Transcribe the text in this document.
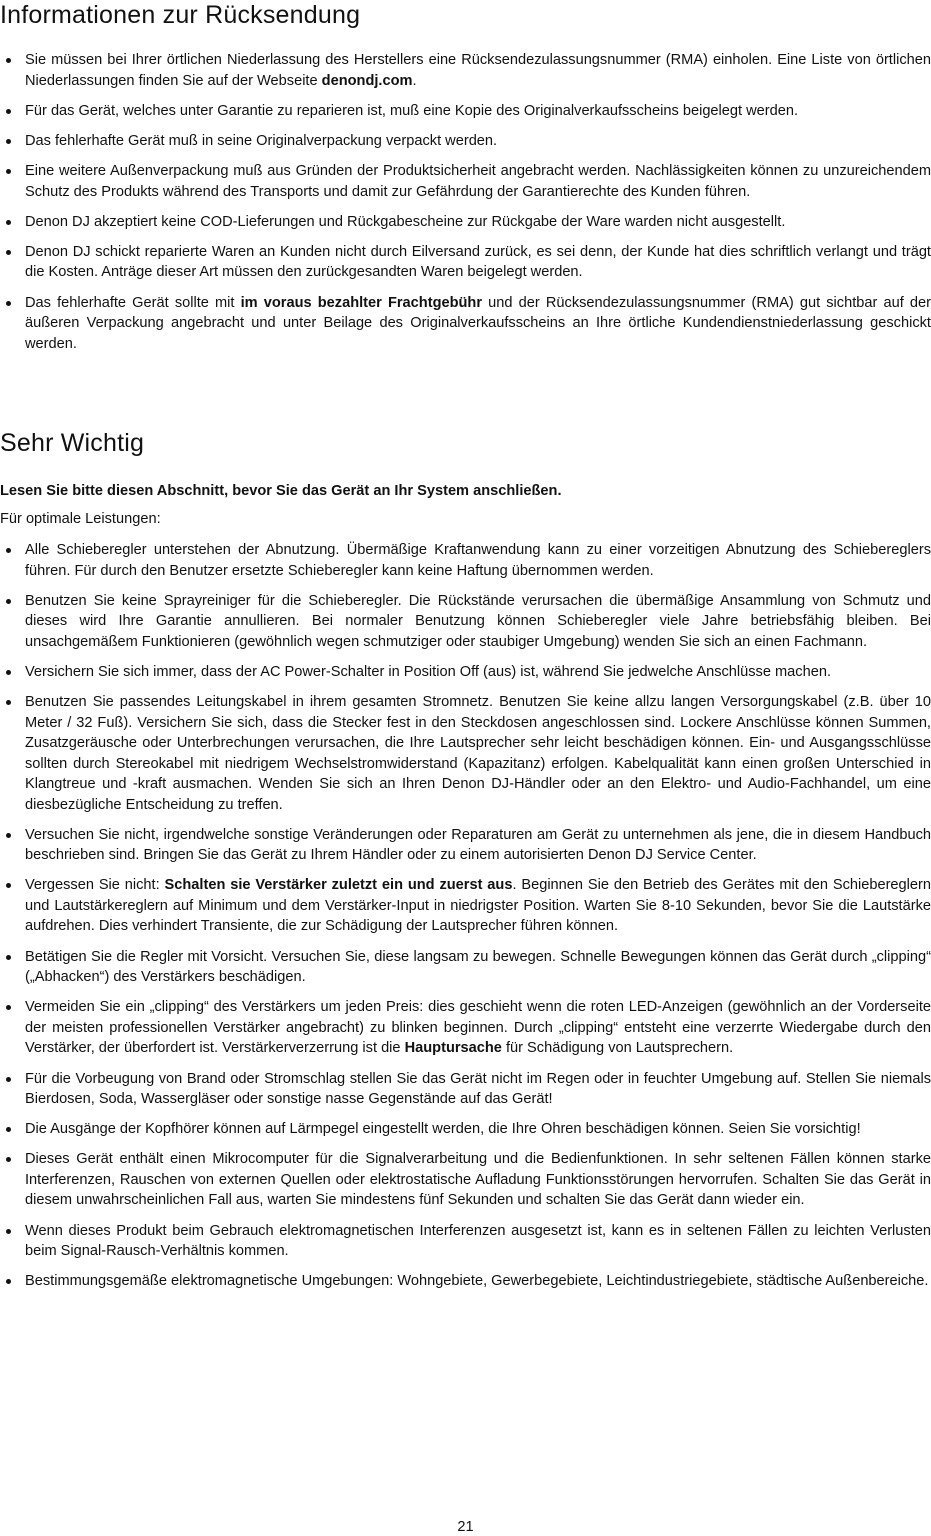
Informationen zur Rücksendung
Sie müssen bei Ihrer örtlichen Niederlassung des Herstellers eine Rücksendezulassungsnummer (RMA) einholen. Eine Liste von örtlichen Niederlassungen finden Sie auf der Webseite denondj.com.
Für das Gerät, welches unter Garantie zu reparieren ist, muß eine Kopie des Originalverkaufsscheins beigelegt werden.
Das fehlerhafte Gerät muß in seine Originalverpackung verpackt werden.
Eine weitere Außenverpackung muß aus Gründen der Produktsicherheit angebracht werden. Nachlässigkeiten können zu unzureichendem Schutz des Produkts während des Transports und damit zur Gefährdung der Garantierechte des Kunden führen.
Denon DJ akzeptiert keine COD-Lieferungen und Rückgabescheine zur Rückgabe der Ware warden nicht ausgestellt.
Denon DJ schickt reparierte Waren an Kunden nicht durch Eilversand zurück, es sei denn, der Kunde hat dies schriftlich verlangt und trägt die Kosten. Anträge dieser Art müssen den zurückgesandten Waren beigelegt werden.
Das fehlerhafte Gerät sollte mit im voraus bezahlter Frachtgebühr und der Rücksendezulassungsnummer (RMA) gut sichtbar auf der äußeren Verpackung angebracht und unter Beilage des Originalverkaufsscheins an Ihre örtliche Kundendienstniederlassung geschickt werden.
Sehr Wichtig

Lesen Sie bitte diesen Abschnitt, bevor Sie das Gerät an Ihr System anschließen.

Für optimale Leistungen:

Alle Schieberegler unterstehen der Abnutzung. Übermäßige Kraftanwendung kann zu einer vorzeitigen Abnutzung des Schiebereglers führen. Für durch den Benutzer ersetzte Schieberegler kann keine Haftung übernommen werden.
Benutzen Sie keine Sprayreiniger für die Schieberegler. Die Rückstände verursachen die übermäßige Ansammlung von Schmutz und dieses wird Ihre Garantie annullieren. Bei normaler Benutzung können Schieberegler viele Jahre betriebsfähig bleiben. Bei unsachgemäßem Funktionieren (gewöhnlich wegen schmutziger oder staubiger Umgebung) wenden Sie sich an einen Fachmann.
Versichern Sie sich immer, dass der AC Power-Schalter in Position Off (aus) ist, während Sie jedwelche Anschlüsse machen.
Benutzen Sie passendes Leitungskabel in ihrem gesamten Stromnetz. Benutzen Sie keine allzu langen Versorgungskabel (z.B. über 10 Meter / 32 Fuß). Versichern Sie sich, dass die Stecker fest in den Steckdosen angeschlossen sind. Lockere Anschlüsse können Summen, Zusatzgeräusche oder Unterbrechungen verursachen, die Ihre Lautsprecher sehr leicht beschädigen können. Ein- und Ausgangsschlüsse sollten durch Stereokabel mit niedrigem Wechselstromwiderstand (Kapazitanz) erfolgen. Kabelqualität kann einen großen Unterschied in Klangtreue und -kraft ausmachen. Wenden Sie sich an Ihren Denon DJ-Händler oder an den Elektro- und Audio-Fachhandel, um eine diesbezügliche Entscheidung zu treffen.
Versuchen Sie nicht, irgendwelche sonstige Veränderungen oder Reparaturen am Gerät zu unternehmen als jene, die in diesem Handbuch beschrieben sind. Bringen Sie das Gerät zu Ihrem Händler oder zu einem autorisierten Denon DJ Service Center.
Vergessen Sie nicht: Schalten sie Verstärker zuletzt ein und zuerst aus. Beginnen Sie den Betrieb des Gerätes mit den Schiebereglern und Lautstärkereglern auf Minimum und dem Verstärker-Input in niedrigster Position. Warten Sie 8-10 Sekunden, bevor Sie die Lautstärke aufdrehen. Dies verhindert Transiente, die zur Schädigung der Lautsprecher führen können.
Betätigen Sie die Regler mit Vorsicht. Versuchen Sie, diese langsam zu bewegen. Schnelle Bewegungen können das Gerät durch „clipping“ („Abhacken“) des Verstärkers beschädigen.
Vermeiden Sie ein „clipping“ des Verstärkers um jeden Preis: dies geschieht wenn die roten LED-Anzeigen (gewöhnlich an der Vorderseite der meisten professionellen Verstärker angebracht) zu blinken beginnen. Durch „clipping“ entsteht eine verzerrte Wiedergabe durch den Verstärker, der überfordert ist. Verstärkerverzerrung ist die Hauptursache für Schädigung von Lautsprechern.
Für die Vorbeugung von Brand oder Stromschlag stellen Sie das Gerät nicht im Regen oder in feuchter Umgebung auf. Stellen Sie niemals Bierdosen, Soda, Wassergläser oder sonstige nasse Gegenstände auf das Gerät!
Die Ausgänge der Kopfhörer können auf Lärmpegel eingestellt werden, die Ihre Ohren beschädigen können. Seien Sie vorsichtig!
Dieses Gerät enthält einen Mikrocomputer für die Signalverarbeitung und die Bedienfunktionen. In sehr seltenen Fällen können starke Interferenzen, Rauschen von externen Quellen oder elektrostatische Aufladung Funktionsstörungen hervorrufen. Schalten Sie das Gerät in diesem unwahrscheinlichen Fall aus, warten Sie mindestens fünf Sekunden und schalten Sie das Gerät dann wieder ein.
Wenn dieses Produkt beim Gebrauch elektromagnetischen Interferenzen ausgesetzt ist, kann es in seltenen Fällen zu leichten Verlusten beim Signal-Rausch-Verhältnis kommen.
Bestimmungsgemäße elektromagnetische Umgebungen: Wohngebiete, Gewerbegebiete, Leichtindustriegebiete, städtische Außenbereiche.
21
